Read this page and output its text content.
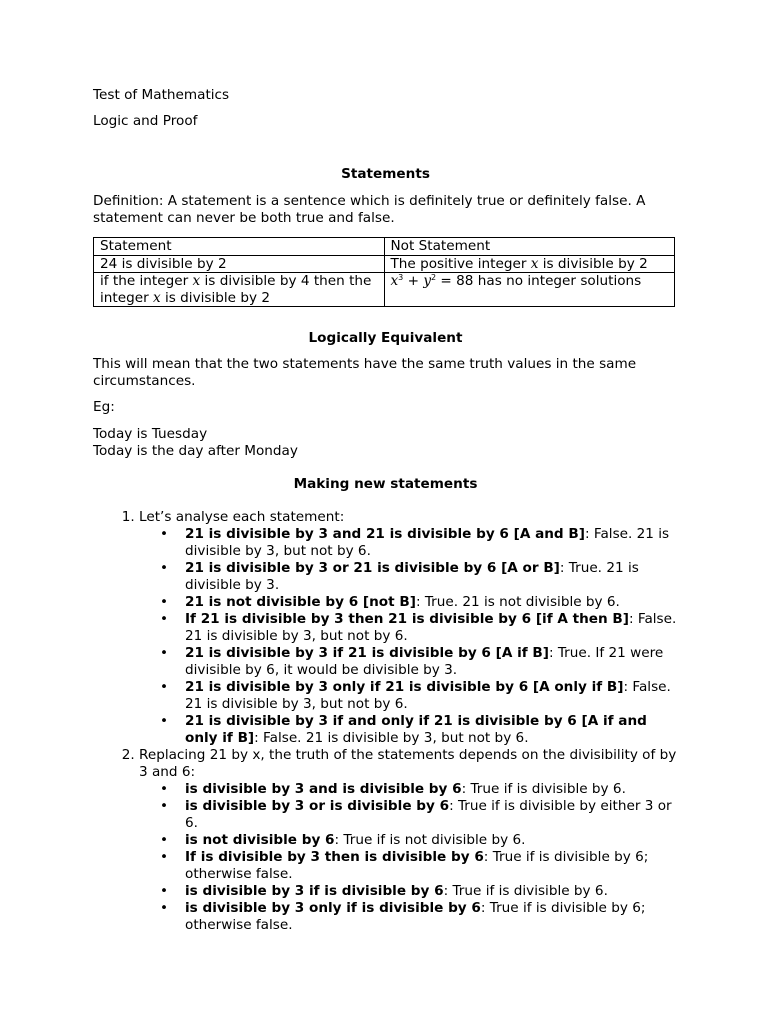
Test of Mathematics

Logic and Proof

Statements

Definition: A statement is a sentence which is definitely true or definitely false. A statement can never be both true and false.

Statement	Not Statement
24 is divisible by 2	The positive integer x is divisible by 2
if the integer x is divisible by 4 then the integer x is divisible by 2	$x^3 + y^2 = 88$ has no integer solutions

Logically Equivalent

This will mean that the two statements have the same truth values in the same circumstances.

Eg:

Today is Tuesday

Today is the day after Monday

Making new statements

1. Let’s analyse each statement:
• 21 is divisible by 3 and 21 is divisible by 6 [A and B]: False. 21 is divisible by 3, but not by 6.
• 21 is divisible by 3 or 21 is divisible by 6 [A or B]: True. 21 is divisible by 3.
• 21 is not divisible by 6 [not B]: True. 21 is not divisible by 6.
• If 21 is divisible by 3 then 21 is divisible by 6 [if A then B]: False. 21 is divisible by 3, but not by 6.
• 21 is divisible by 3 if 21 is divisible by 6 [A if B]: True. If 21 were divisible by 6, it would be divisible by 3.
• 21 is divisible by 3 only if 21 is divisible by 6 [A only if B]: False. 21 is divisible by 3, but not by 6.
• 21 is divisible by 3 if and only if 21 is divisible by 6 [A if and only if B]: False. 21 is divisible by 3, but not by 6.
2. Replacing 21 by x, the truth of the statements depends on the divisibility of by 3 and 6:
• is divisible by 3 and is divisible by 6: True if is divisible by 6.
• is divisible by 3 or is divisible by 6: True if is divisible by either 3 or 6.
• is not divisible by 6: True if is not divisible by 6.
• If is divisible by 3 then is divisible by 6: True if is divisible by 6; otherwise false.
• is divisible by 3 if is divisible by 6: True if is divisible by 6.
• is divisible by 3 only if is divisible by 6: True if is divisible by 6; otherwise false.
